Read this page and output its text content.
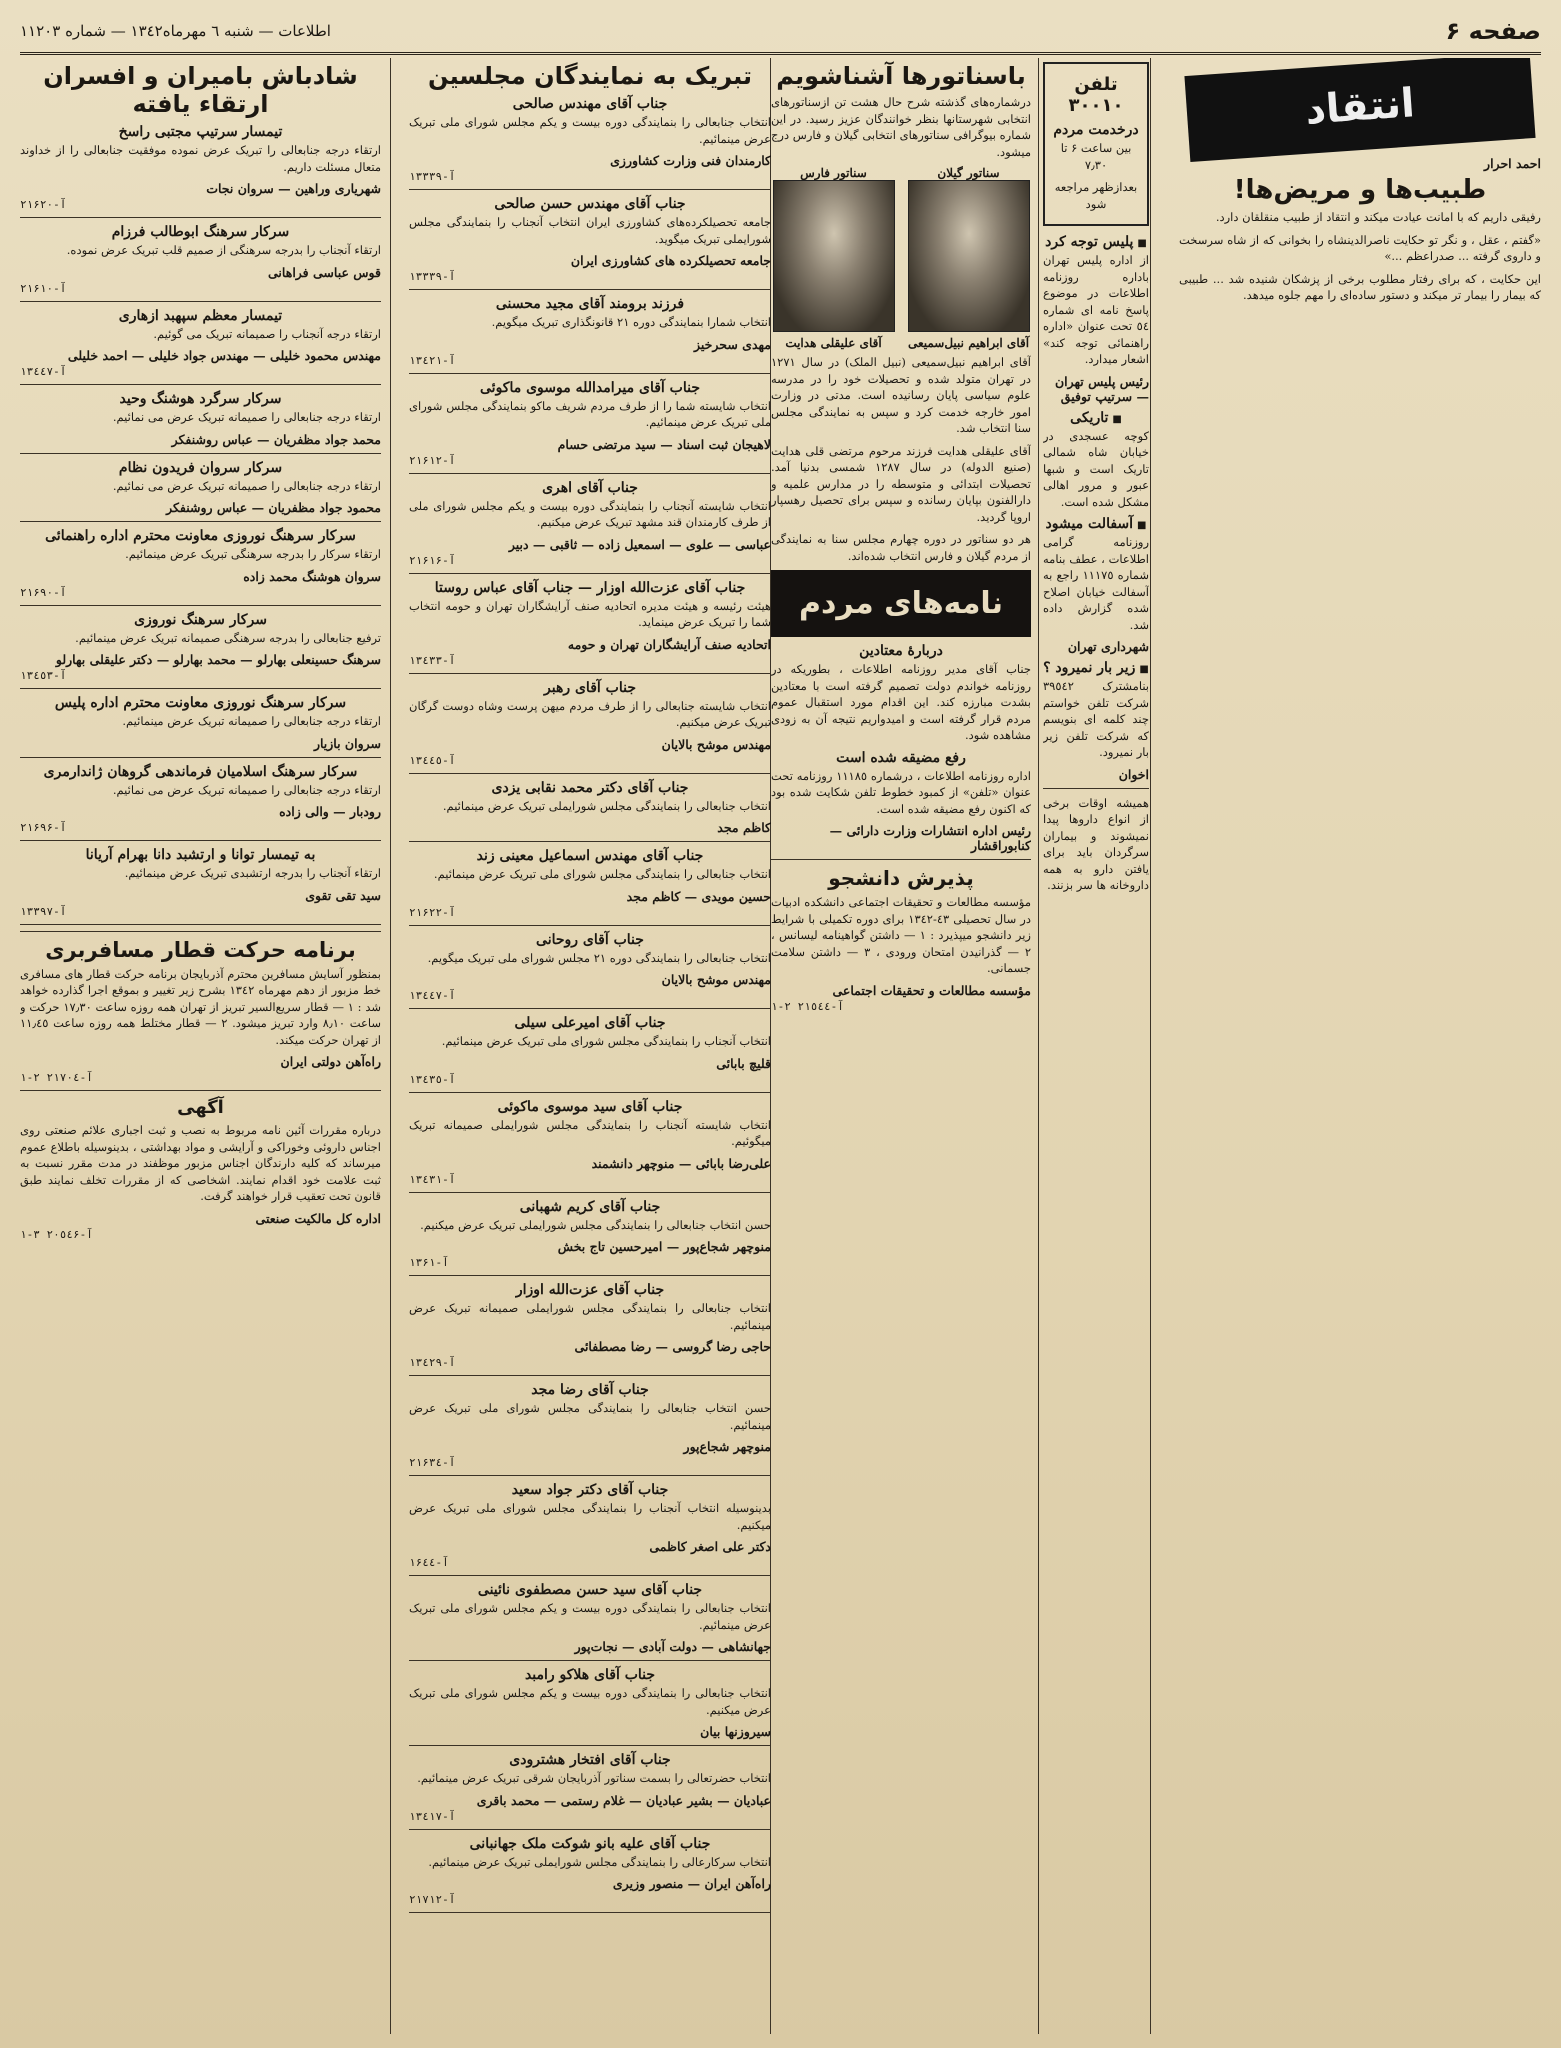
صفحه ۶
اطلاعات — شنبه ٦ مهرماه١٣٤٢ — شماره ۱۱۲۰۳
انتقاد
احمد احرار
طبیب‌ها و مریض‌ها!

رفیقی داریم که با امانت عیادت میکند و انتقاد از طبیب منقلقان دارد.

«گفتم ، عقل ، و نگر تو حکایت ناصرالدینشاه را بخوانی که از شاه سرسخت و داروی گرفته ... صدراعظم ...»

این حکایت ، که برای رفتار مطلوب برخی از پزشکان شنیده شد ... طبیبی که بیمار را بیمار تر میکند و دستور ساده‌ای را مهم جلوه میدهد.

تلفن ۳۰۰۱۰
درخدمت مردم
بین ساعت ۶ تا ۷٫۳۰
بعدازظهر مراجعه شود
■ پلیس توجه کرد

از اداره پلیس تهران باداره روزنامه اطلاعات در موضوع پاسخ نامه ای شماره ٥٤ تحت عنوان «اداره راهنمائی توجه کند» اشعار میدارد.

رئیس پلیس تهران — سرتیپ توفیق
■ تاریکی

کوچه عسجدی در خیابان شاه شمالی تاریک است و شبها عبور و مرور اهالی مشکل شده است.

■ آسفالت میشود

روزنامه گرامی اطلاعات ، عطف بنامه شماره ۱۱۱۷٥ راجع به آسفالت خیابان اصلاح شده گزارش داده شد.

شهرداری تهران
■ زیر بار نمیرود ؟

بنامشترک ۳۹٥٤٢ شرکت تلفن خواستم چند کلمه ای بنویسم که شرکت تلفن زیر بار نمیرود.

اخوان

همیشه اوقات برخی از انواع داروها پیدا نمیشوند و بیماران سرگردان باید برای یافتن دارو به همه داروخانه ها سر بزنند.

باسناتورها آشناشویم

درشماره‌های گذشته شرح حال هشت تن ازسناتورهای انتخابی شهرستانها بنظر خوانندگان عزیز رسید. در این شماره بیوگرافی سناتورهای انتخابی گیلان و فارس درج میشود.

سناتور گیلان
آقای ابراهیم نبیل‌سمیعی
سناتور فارس
آقای علیقلی هدایت

آقای ابراهیم نبیل‌سمیعی (نبیل الملک) در سال ۱۲۷۱ در تهران متولد شده و تحصیلات خود را در مدرسه علوم سیاسی پایان رسانیده است. مدتی در وزارت امور خارجه خدمت کرد و سپس به نمایندگی مجلس سنا انتخاب شد.

آقای علیقلی هدایت فرزند مرحوم مرتضی قلی هدایت (صنیع الدوله) در سال ۱۲۸۷ شمسی بدنیا آمد. تحصیلات ابتدائی و متوسطه را در مدارس علمیه و دارالفنون بپایان رسانده و سپس برای تحصیل رهسپار اروپا گردید.

هر دو سناتور در دوره چهارم مجلس سنا به نمایندگی از مردم گیلان و فارس انتخاب شده‌اند.

نامه‌های مردم
دربارهٔ معتادین

جناب آقای مدیر روزنامه اطلاعات ، بطوریکه در روزنامه خواندم دولت تصمیم گرفته است با معتادین بشدت مبارزه کند. این اقدام مورد استقبال عموم مردم قرار گرفته است و امیدواریم نتیجه آن به زودی مشاهده شود.

رفع مضیقه شده است

اداره روزنامه اطلاعات ، درشماره ۱۱۱۸٥ روزنامه تحت عنوان «تلفن» از کمبود خطوط تلفن شکایت شده بود که اکنون رفع مضیقه شده است.

رئیس اداره انتشارات وزارت دارائی — کنابوراقشار
پذیرش دانشجو

مؤسسه مطالعات و تحقیقات اجتماعی دانشکده ادبیات در سال تحصیلی ٤٣-۱۳٤۲ برای دوره تکمیلی با شرایط زیر دانشجو میپذیرد : ۱ — داشتن گواهینامه لیسانس ، ۲ — گذرانیدن امتحان ورودی ، ۳ — داشتن سلامت جسمانی.

مؤسسه مطالعات و تحقیقات اجتماعی
آ-۲۱٥٤٤ ۲-۱
تبریک به نمایندگان مجلسین
جناب آقای مهندس صالحی

انتخاب جنابعالی را بنمایندگی دوره بیست و یکم مجلس شورای ملی تبریک عرض مینمائیم.

کارمندان فنی وزارت کشاورزی
آ-۱۳۳۳۹
جناب آقای مهندس حسن صالحی

جامعه تحصیلکرده‌های کشاورزی ایران انتخاب آنجناب را بنمایندگی مجلس شورایملی تبریک میگوید.

جامعه تحصیلکرده های کشاورزی ایران
آ-۱۳۳۳۹
فرزند برومند آقای مجید محسنی

انتخاب شمارا بنمایندگی دوره ۲۱ قانونگذاری تبریک میگویم.

مهدی سحرخیز
آ-۱۳٤۲۱
جناب آقای میرامدالله موسوی ماکوئی

انتخاب شایسته شما را از طرف مردم شریف ماکو بنمایندگی مجلس شورای ملی تبریک عرض مینمائیم.

لاهیجان ثبت اسناد — سید مرتضی حسام
آ-۲۱۶۱۲
جناب آقای اهری

انتخاب شایسته آنجناب را بنمایندگی دوره بیست و یکم مجلس شورای ملی از طرف کارمندان قند مشهد تبریک عرض میکنیم.

عباسی — علوی — اسمعیل زاده — ثاقبی — دبیر
آ-۲۱۶۱۶
جناب آقای عزت‌الله اوزار — جناب آقای عباس روستا

هیئت رئیسه و هیئت مدیره اتحادیه صنف آرایشگاران تهران و حومه انتخاب شما را تبریک عرض مینماید.

اتحادیه صنف آرایشگاران تهران و حومه
آ-۱۳٤۳۳
جناب آقای رهبر

انتخاب شایسته جنابعالی را از طرف مردم میهن پرست وشاه دوست گرگان تبریک عرض میکنیم.

مهندس موشح بالایان
آ-۱۳٤٤٥
جناب آقای دکتر محمد نقابی یزدی

انتخاب جنابعالی را بنمایندگی مجلس شورایملی تبریک عرض مینمائیم.

کاظم مجد
جناب آقای مهندس اسماعیل معینی زند

انتخاب جنابعالی را بنمایندگی مجلس شورای ملی تبریک عرض مینمائیم.

حسین مویدی — کاظم مجد
آ-۲۱۶۲۲
جناب آقای روحانی

انتخاب جنابعالی را بنمایندگی دوره ۲۱ مجلس شورای ملی تبریک میگویم.

مهندس موشح بالایان
آ-۱۳٤٤۷
جناب آقای امیرعلی سیلی

انتخاب آنجناب را بنمایندگی مجلس شورای ملی تبریک عرض مینمائیم.

قلیچ بابائی
آ-۱۳٤۳٥
جناب آقای سید موسوی ماکوئی

انتخاب شایسته آنجناب را بنمایندگی مجلس شورایملی صمیمانه تبریک میگوئیم.

علی‌رضا بابائی — منوچهر دانشمند
آ-۱۳٤۳۱
جناب آقای کریم شهبانی

حسن انتخاب جنابعالی را بنمایندگی مجلس شورایملی تبریک عرض میکنیم.

منوچهر شجاع‌پور — امیرحسین تاج بخش
آ-۱۳۶۱
جناب آقای عزت‌الله اوزار

انتخاب جنابعالی را بنمایندگی مجلس شورایملی صمیمانه تبریک عرض مینمائیم.

حاجی رضا گروسی — رضا مصطفائی
آ-۱۳٤۲۹
جناب آقای رضا مجد

حسن انتخاب جنابعالی را بنمایندگی مجلس شورای ملی تبریک عرض مینمائیم.

منوچهر شجاع‌پور
آ-۲۱۶۳٤
جناب آقای دکتر جواد سعید

بدینوسیله انتخاب آنجناب را بنمایندگی مجلس شورای ملی تبریک عرض میکنیم.

دکتر علی اصغر کاظمی
آ-۱۶٤٤
جناب آقای سید حسن مصطفوی نائینی

انتخاب جنابعالی را بنمایندگی دوره بیست و یکم مجلس شورای ملی تبریک عرض مینمائیم.

جهانشاهی — دولت آبادی — نجات‌پور
جناب آقای هلاکو رامبد

انتخاب جنابعالی را بنمایندگی دوره بیست و یکم مجلس شورای ملی تبریک عرض میکنیم.

سیروزنها بیان
جناب آقای افتخار هشترودی

انتخاب حضرتعالی را بسمت سناتور آذربایجان شرقی تبریک عرض مینمائیم.

عبادیان — بشیر عبادیان — غلام رستمی — محمد باقری
آ-۱۳٤۱۷
جناب آقای علیه بانو شوکت ملک جهانبانی

انتخاب سرکارعالی را بنمایندگی مجلس شورایملی تبریک عرض مینمائیم.

راه‌آهن ایران — منصور وزیری
آ-۲۱۷۱۲
شادباش بامیران و افسران ارتقاء یافته
تیمسار سرتیپ مجتبی راسخ

ارتقاء درجه جنابعالی را تبریک عرض نموده موفقیت جنابعالی را از خداوند متعال مسئلت داریم.

شهریاری وراهین — سروان نجات
آ-۲۱۶۲۰
سرکار سرهنگ ابوطالب فرزام

ارتقاء آنجناب را بدرجه سرهنگی از صمیم قلب تبریک عرض نموده.

قوس عباسی فراهانی
آ-۲۱۶۱۰
تیمسار معظم سپهبد ازهاری

ارتقاء درجه آنجناب را صمیمانه تبریک می گوئیم.

مهندس محمود خلیلی — مهندس جواد خلیلی — احمد خلیلی
آ-۱۳٤٤۷
سرکار سرگرد هوشنگ وحید

ارتقاء درجه جنابعالی را صمیمانه تبریک عرض می نمائیم.

محمد جواد مظفریان — عباس روشنفکر
سرکار سروان فریدون نظام

ارتقاء درجه جنابعالی را صمیمانه تبریک عرض می نمائیم.

محمود جواد مظفریان — عباس روشنفکر
سرکار سرهنگ نوروزی معاونت محترم اداره راهنمائی

ارتقاء سرکار را بدرجه سرهنگی تبریک عرض مینمائیم.

سروان هوشنگ محمد زاده
آ-۲۱۶۹۰
سرکار سرهنگ نوروزی

ترفیع جنابعالی را بدرجه سرهنگی صمیمانه تبریک عرض مینمائیم.

سرهنگ حسینعلی بهارلو — محمد بهارلو — دکتر علیقلی بهارلو
آ-۱۳٤٥۳
سرکار سرهنگ نوروزی معاونت محترم اداره پلیس

ارتقاء درجه جنابعالی را صمیمانه تبریک عرض مینمائیم.

سروان بازیار
سرکار سرهنگ اسلامیان فرماندهی گروهان ژاندارمری

ارتقاء درجه جنابعالی را صمیمانه تبریک عرض می نمائیم.

رودبار — والی زاده
آ-۲۱۶۹۶
به تیمسار توانا و ارتشبد دانا بهرام آریانا

ارتقاء آنجناب را بدرجه ارتشبدی تبریک عرض مینمائیم.

سید تقی تقوی
آ-۱۳۳۹۷
برنامه حرکت قطار مسافربری

بمنظور آسایش مسافرین محترم آذربایجان برنامه حرکت قطار های مسافری خط مزبور از دهم مهرماه ۱۳٤۲ بشرح زیر تغییر و بموقع اجرا گذارده خواهد شد : ۱ — قطار سریع‌السیر تبریز از تهران همه روزه ساعت ۱۷٫۳۰ حرکت و ساعت ۸٫۱۰ وارد تبریز میشود. ۲ — قطار مختلط همه روزه ساعت ۱۱٫٤٥ از تهران حرکت میکند.

راه‌آهن دولتی ایران
آ-۲۱۷۰٤ ۲-۱
آگهی

درباره مقررات آئین نامه مربوط به نصب و ثبت اجباری علائم صنعتی روی اجناس داروئی وخوراکی و آرایشی و مواد بهداشتی ، بدینوسیله باطلاع عموم میرساند که کلیه دارندگان اجناس مزبور موظفند در مدت مقرر نسبت به ثبت علامت خود اقدام نمایند. اشخاصی که از مقررات تخلف نمایند طبق قانون تحت تعقیب قرار خواهند گرفت.

اداره کل مالکیت صنعتی
آ-۲۰٥٤۶ ۳-۱
